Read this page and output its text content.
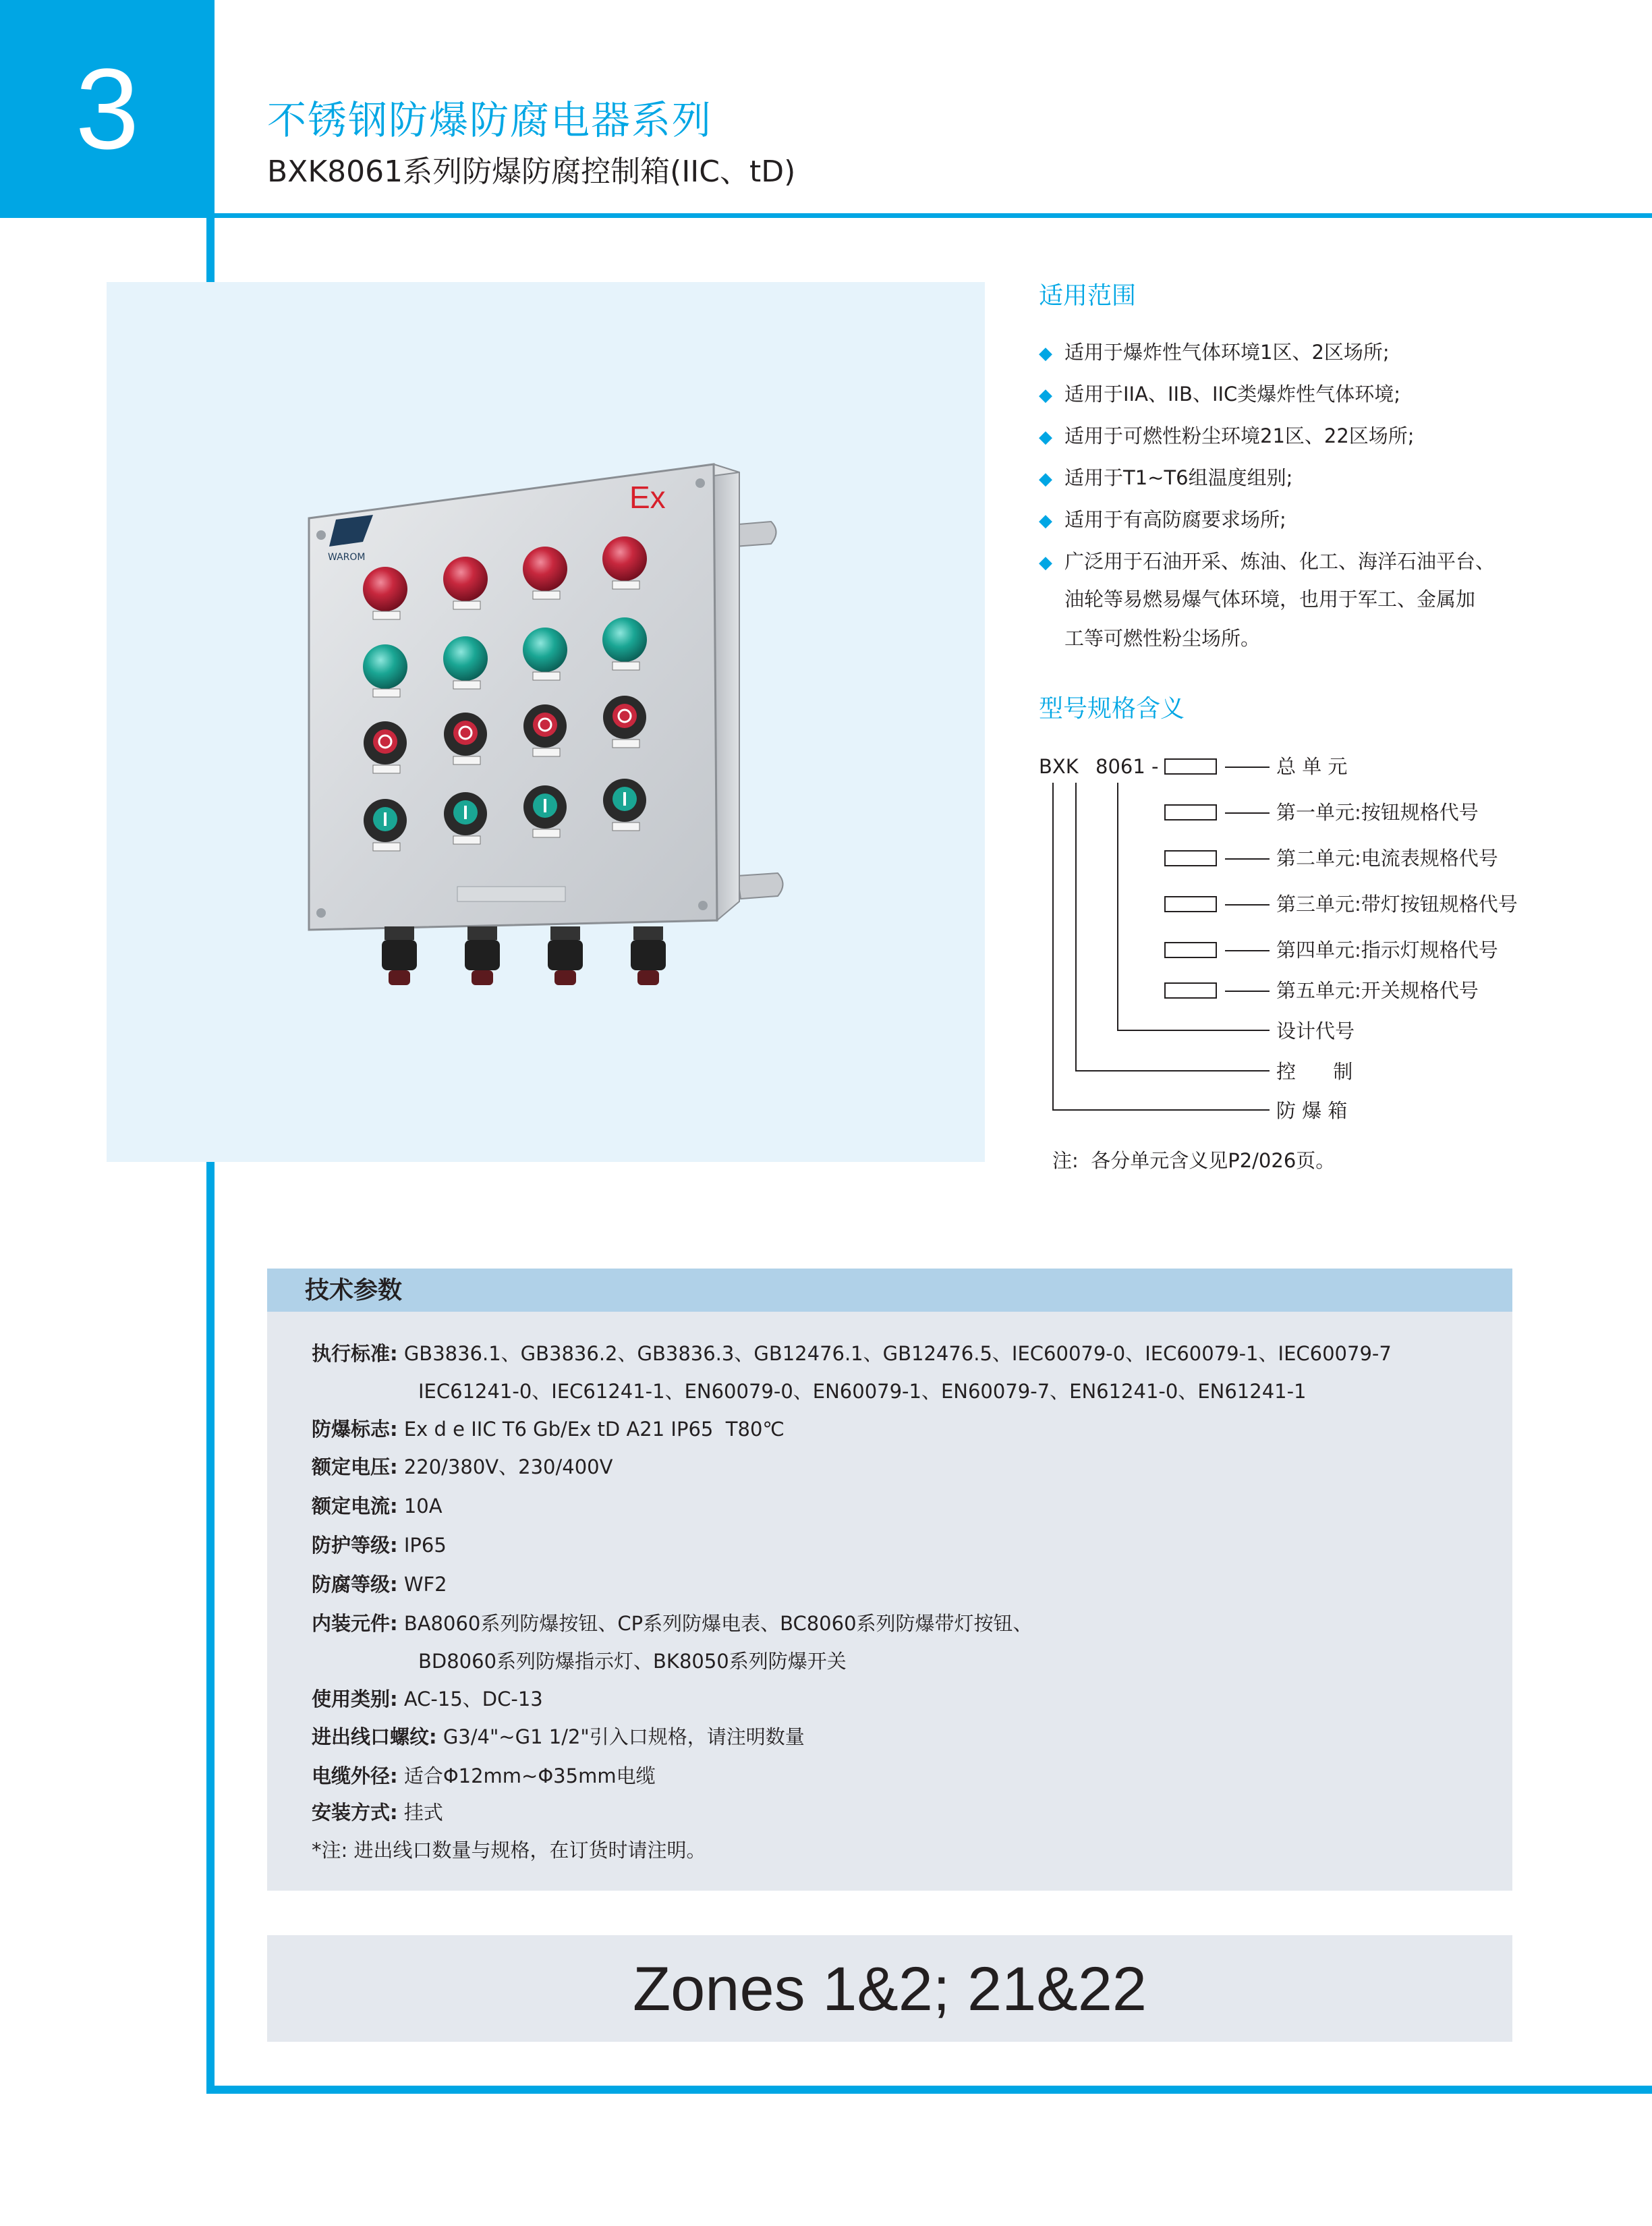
3	不锈钢防爆防腐电器系列
BXK8061系列防爆防腐控制箱(IIC、tD)
WAROM
Ex
适用范围
◆ 适用于爆炸性气体环境1区、2区场所;
◆ 适用于IIA、IIB、IIC类爆炸性气体环境;
◆ 适用于可燃性粉尘环境21区、22区场所;
◆ 适用于T1~T6组温度组别;
◆ 适用于有高防腐要求场所;
◆ 广泛用于石油开采、炼油、化工、海洋石油平台、
油轮等易燃易爆气体环境，也用于军工、金属加
工等可燃性粉尘场所。
型号规格含义
BXK 8061 -	总 单 元
第一单元:按钮规格代号
第二单元:电流表规格代号
第三单元:带灯按钮规格代号
第四单元:指示灯规格代号
第五单元:开关规格代号
设计代号
控      制
防 爆 箱
注:  各分单元含义见P2/026页。
技术参数
执行标准: GB3836.1、GB3836.2、GB3836.3、GB12476.1、GB12476.5、IEC60079-0、IEC60079-1、IEC60079-7
IEC61241-0、IEC61241-1、EN60079-0、EN60079-1、EN60079-7、EN61241-0、EN61241-1
防爆标志: Ex d e IIC T6 Gb/Ex tD A21 IP65  T80℃
额定电压: 220/380V、230/400V
额定电流: 10A
防护等级: IP65
防腐等级: WF2
内装元件: BA8060系列防爆按钮、CP系列防爆电表、BC8060系列防爆带灯按钮、
BD8060系列防爆指示灯、BK8050系列防爆开关
使用类别: AC-15、DC-13
进出线口螺纹: G3/4"~G1 1/2"引入口规格，请注明数量
电缆外径: 适合Φ12mm~Φ35mm电缆
安装方式: 挂式
*注: 进出线口数量与规格，在订货时请注明。
Zones 1&2; 21&22
